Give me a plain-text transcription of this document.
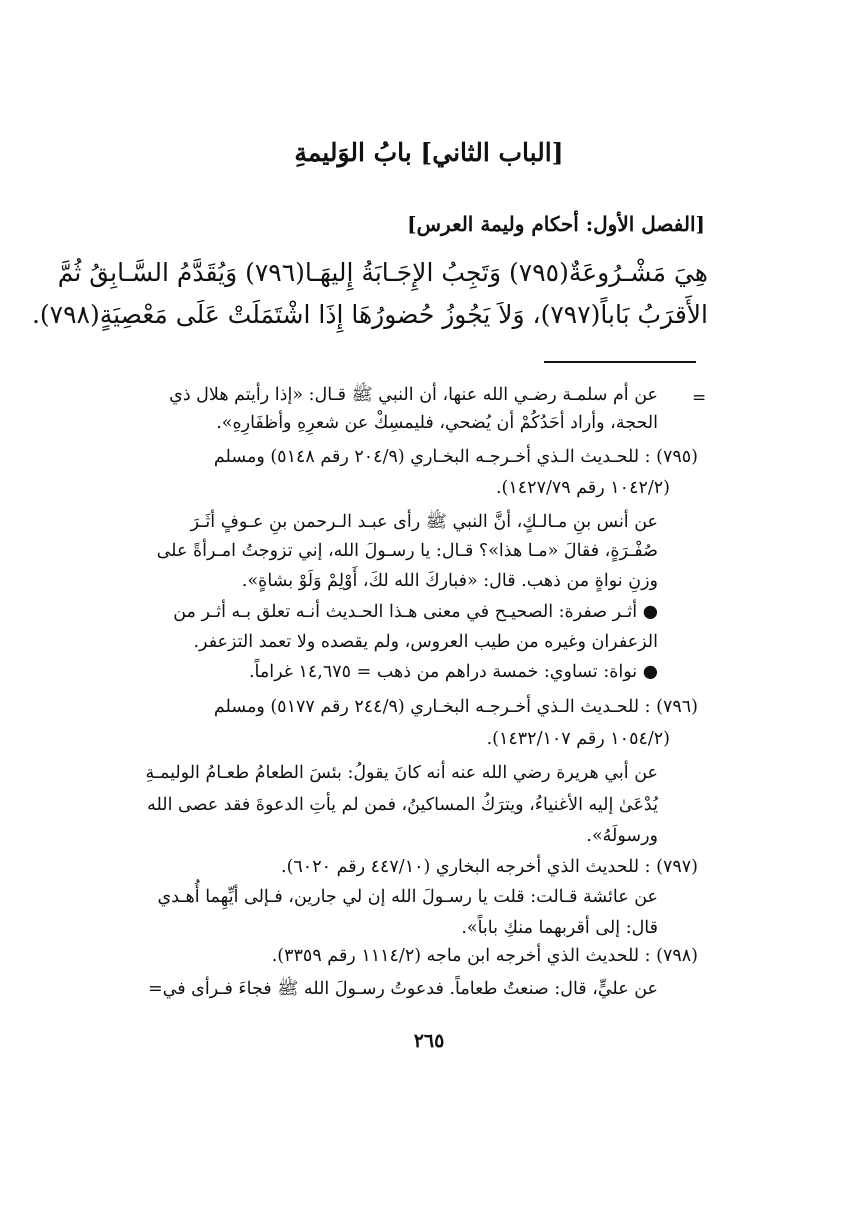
[الباب الثاني] بابُ الوَليمةِ
[الفصل الأول: أحكام وليمة العرس]
هِيَ مَشْـرُوعَةٌ(٧٩٥) وَتَجِبُ الإِجَـابَةُ إِليهَـا(٧٩٦) وَيُقَدَّمُ السَّـابِقُ ثُمَّ
الأَقرَبُ بَاباً(٧٩٧)، وَلاَ يَجُوزُ حُضورُهَا إِذَا اشْتَمَلَتْ عَلَى مَعْصِيَةٍ(٧٩٨).
=
عن أم سلمـة رضـي الله عنها، أن النبي ﷺ قـال: «إذا رأيتم هلال ذي
الحجة، وأراد أحَدُكُمْ أن يُضحي، فليمسِكْ عن شعرِهِ وأظفَارِهِ».
(٧٩٥) : للحـديث الـذي أخـرجـه البخـاري (٢٠٤/٩ رقم ٥١٤٨) ومسلم
(١٠٤٢/٢ رقم ١٤٢٧/٧٩).
عن أنس بنِ مـالـكٍ، أنَّ النبي ﷺ رأى عبـد الـرحمن بنِ عـوفٍ أثَـرَ
صُفْـرَةٍ، فقالَ «مـا هذا»؟ قـال: يا رسـولَ الله، إني تزوجتُ امـرأةً على
وزنِ نواةٍ من ذهب. قال: «فباركَ الله لكَ، أَوْلِمْ وَلَوْ بشاةٍ».
● أثـر صفرة: الصحيـح في معنى هـذا الحـديث أنـه تعلق بـه أثـر من
الزعفران وغيره من طيب العروس، ولم يقصده ولا تعمد التزعفر.
● نواة: تساوي: خمسة دراهم من ذهب = ١٤,٦٧٥ غراماً.
(٧٩٦) : للحـديث الـذي أخـرجـه البخـاري (٢٤٤/٩ رقم ٥١٧٧) ومسلم
(١٠٥٤/٢ رقم ١٤٣٢/١٠٧).
عن أبي هريرة رضي الله عنه أنه كانَ يقولُ: بئسَ الطعامُ طعـامُ الوليمـةِ
يُدْعَىٰ إليه الأغنياءُ، ويترَكُ المساكينُ، فمن لم يأتِ الدعوةَ فقد عصى الله
ورسولَهُ».
(٧٩٧) : للحديث الذي أخرجه البخاري (٤٤٧/١٠ رقم ٦٠٢٠).
عن عائشة قـالت: قلت يا رسـولَ الله إن لي جارين، فـإلى أيِّهِما أُهـدي
قال: إلى أقربهما منكِ باباً».
(٧٩٨) : للحديث الذي أخرجه ابن ماجه (١١١٤/٢ رقم ٣٣٥٩).
عن عليٍّ، قال: صنعتُ طعاماً. فدعوتُ رسـولَ الله ﷺ فجاءَ فـرأى في=
٢٦٥
